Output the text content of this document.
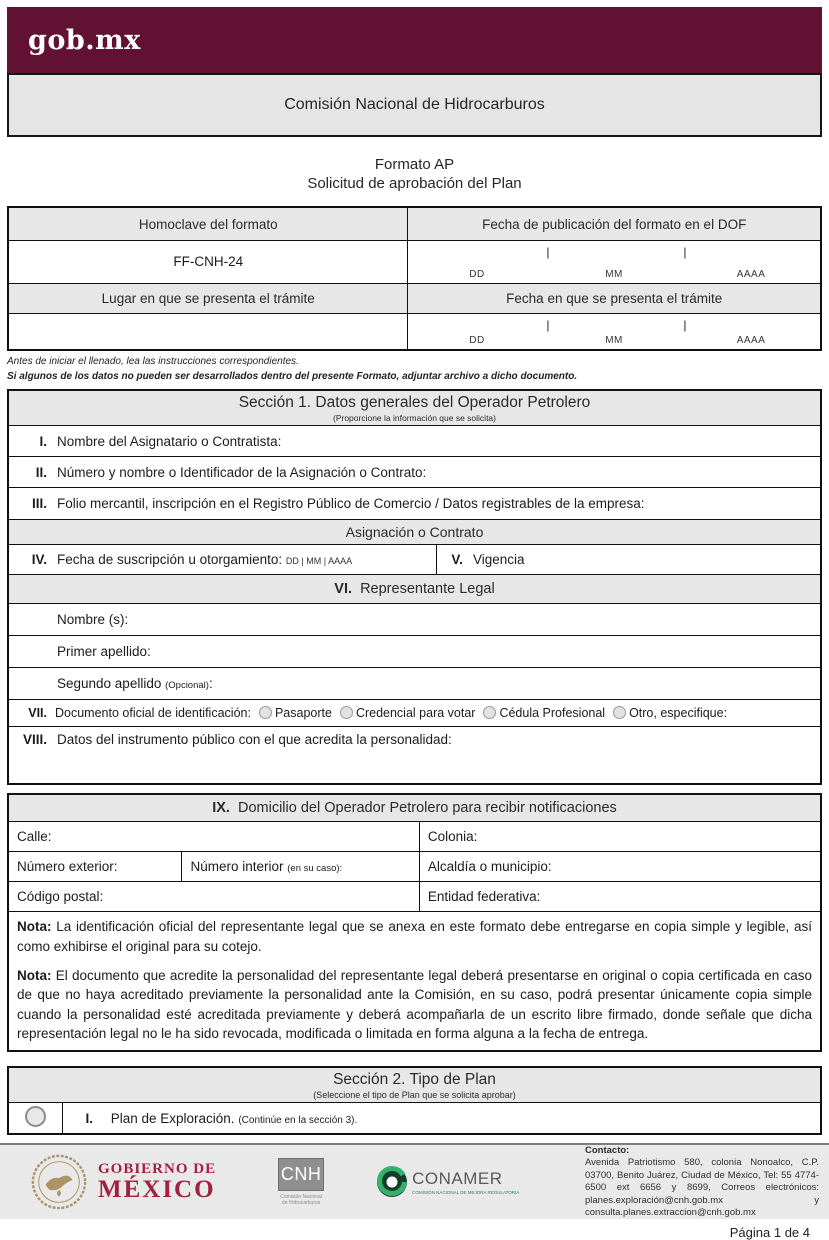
gob.mx
Comisión Nacional de Hidrocarburos
Formato AP
Solicitud de aprobación del Plan
Homoclave del formato	Fecha de publicación del formato en el DOF
FF-CNH-24	| |
DD MM AAAA

Lugar en que se presenta el trámite	Fecha en que se presenta el trámite

	| |
DD MM AAAA
Antes de iniciar el llenado, lea las instrucciones correspondientes.
Si algunos de los datos no pueden ser desarrollados dentro del presente Formato, adjuntar archivo a dicho documento.
Sección 1. Datos generales del Operador Petrolero
(Proporcione la información que se solicita)

I. Nombre del Asignatario o Contratista:
II. Número y nombre o Identificador de la Asignación o Contrato:
III. Folio mercantil, inscripción en el Registro Público de Comercio / Datos registrables de la empresa:
Asignación o Contrato
IV. Fecha de suscripción u otorgamiento: DD | MM | AAAA	V. Vigencia
VI. Representante Legal
Nombre (s):
Primer apellido:
Segundo apellido (Opcional):
VII. Documento oficial de identificación: Pasaporte Credencial para votar Cédula Profesional Otro, especifique:
VIII. Datos del instrumento público con el que acredita la personalidad:
IX. Domicilio del Operador Petrolero para recibir notificaciones		
Calle:		Colonia:
Número exterior:	Número interior (en su caso):	Alcaldía o municipio:
Código postal:		Entidad federativa:

Nota: La identificación oficial del representante legal que se anexa en este formato debe entregarse en copia simple y legible, así como exhibirse el original para su cotejo.

Nota: El documento que acredite la personalidad del representante legal deberá presentarse en original o copia certificada en caso de que no haya acreditado previamente la personalidad ante la Comisión, en su caso, podrá presentar únicamente copia simple cuando la personalidad esté acreditada previamente y deberá acompañarla de un escrito libre firmado, donde señale que dicha representación legal no le ha sido revocada, modificada o limitada en forma alguna a la fecha de entrega.		

Sección 2. Tipo de Plan
(Seleccione el tipo de Plan que se solicita aprobar)

	I. Plan de Exploración. (Continúe en la sección 3).
GOBIERNO DE
MÉXICO
CNH
Comisión Nacional
de Hidrocarburos
CONAMER
COMISIÓN NACIONAL DE MEJORA REGULATORIA
Contacto:
Avenida Patriotismo 580, colonia Nonoalco, C.P. 03700, Benito Juárez, Ciudad de México, Tel: 55 4774-6500 ext 6656 y 8699, Correos electrónicos: planes.exploración@cnh.gob.mx y consulta.planes.extraccion@cnh.gob.mx
Página 1 de 4
